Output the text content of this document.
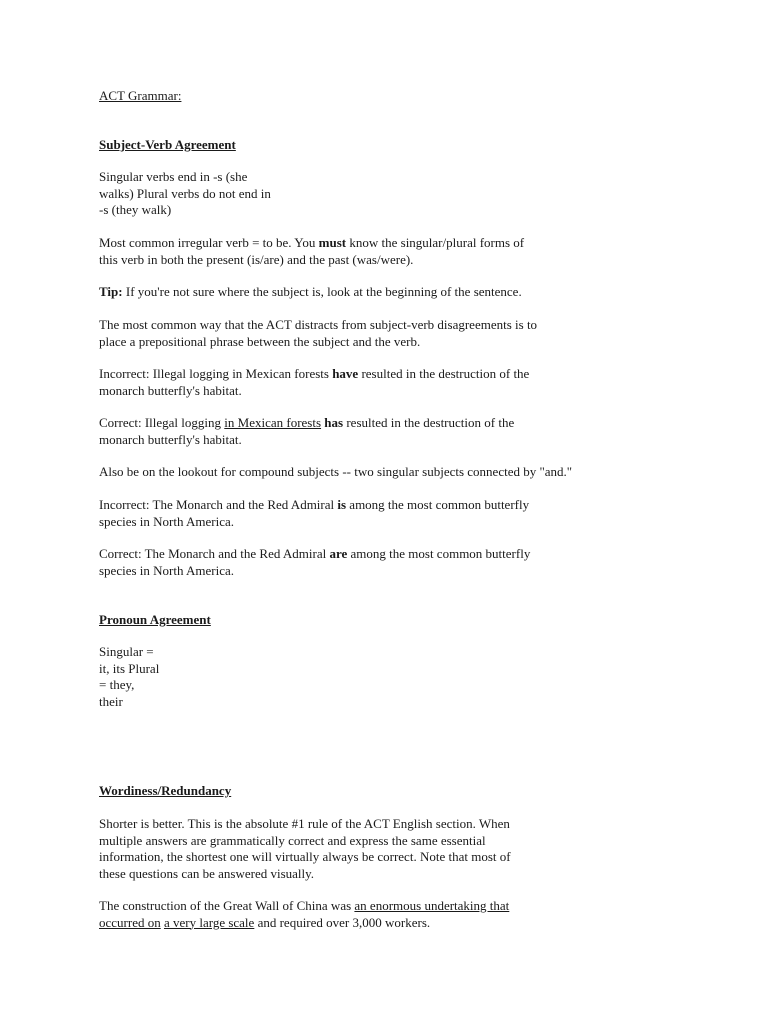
ACT Grammar:

Subject-Verb Agreement

Singular verbs end in -s (she
walks) Plural verbs do not end in
-s (they walk)

Most common irregular verb = to be. You must know the singular/plural forms of
this verb in both the present (is/are) and the past (was/were).

Tip: If you're not sure where the subject is, look at the beginning of the sentence.

The most common way that the ACT distracts from subject-verb disagreements is to
place a prepositional phrase between the subject and the verb.

Incorrect: Illegal logging in Mexican forests have resulted in the destruction of the
monarch butterfly's habitat.

Correct: Illegal logging in Mexican forests has resulted in the destruction of the
monarch butterfly's habitat.

Also be on the lookout for compound subjects -- two singular subjects connected by "and."

Incorrect: The Monarch and the Red Admiral is among the most common butterfly
species in North America.

Correct: The Monarch and the Red Admiral are among the most common butterfly
species in North America.

Pronoun Agreement

Singular =
it, its Plural
= they,
their

Wordiness/Redundancy

Shorter is better. This is the absolute #1 rule of the ACT English section. When
multiple answers are grammatically correct and express the same essential
information, the shortest one will virtually always be correct. Note that most of
these questions can be answered visually.

The construction of the Great Wall of China was an enormous undertaking that
occurred on a very large scale and required over 3,000 workers.
